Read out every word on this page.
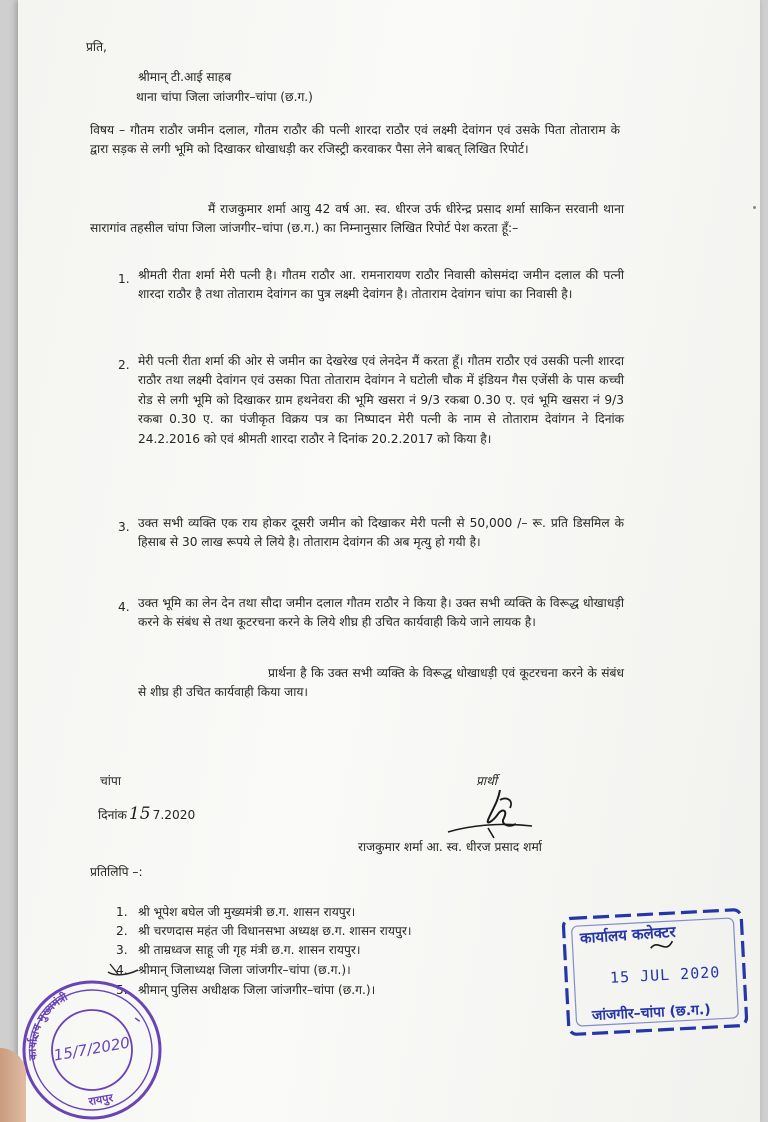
प्रति,
श्रीमान् टी.आई साहब
थाना चांपा जिला जांजगीर–चांपा (छ.ग.)
विषय – गौतम राठौर जमीन दलाल, गौतम राठौर की पत्नी शारदा राठौर एवं लक्ष्मी देवांगन एवं उसके पिता तोताराम के द्वारा सड़क से लगी भूमि को दिखाकर धोखाधड़ी कर रजिस्ट्री करवाकर पैसा लेने बाबत् लिखित रिपोर्ट।
मैं राजकुमार शर्मा आयु 42 वर्ष आ. स्व. धीरज उर्फ धीरेन्द्र प्रसाद शर्मा साकिन सरवानी थाना सारागांव तहसील चांपा जिला जांजगीर–चांपा (छ.ग.) का निम्नानुसार लिखित रिपोर्ट पेश करता हूँ:–
1. श्रीमती रीता शर्मा मेरी पत्नी है। गौतम राठौर आ. रामनारायण राठौर निवासी कोसमंदा जमीन दलाल की पत्नी शारदा राठौर है तथा तोताराम देवांगन का पुत्र लक्ष्मी देवांगन है। तोताराम देवांगन चांपा का निवासी है।
2. मेरी पत्नी रीता शर्मा की ओर से जमीन का देखरेख एवं लेनदेन मैं करता हूँ। गौतम राठौर एवं उसकी पत्नी शारदा राठौर तथा लक्ष्मी देवांगन एवं उसका पिता तोताराम देवांगन ने घटोली चौक में इंडियन गैस एजेंसी के पास कच्ची रोड से लगी भूमि को दिखाकर ग्राम हथनेवरा की भूमि खसरा नं 9/3 रकबा 0.30 ए. एवं भूमि खसरा नं 9/3 रकबा 0.30 ए. का पंजीकृत विक्रय पत्र का निष्पादन मेरी पत्नी के नाम से तोताराम देवांगन ने दिनांक 24.2.2016 को एवं श्रीमती शारदा राठौर ने दिनांक 20.2.2017 को किया है।
3. उक्त सभी व्यक्ति एक राय होकर दूसरी जमीन को दिखाकर मेरी पत्नी से 50,000 /– रू. प्रति डिसमिल के हिसाब से 30 लाख रूपये ले लिये है। तोताराम देवांगन की अब मृत्यु हो गयी है।
4. उक्त भूमि का लेन देन तथा सौदा जमीन दलाल गौतम राठौर ने किया है। उक्त सभी व्यक्ति के विरूद्ध धोखाधड़ी करने के संबंध से तथा कूटरचना करने के लिये शीघ्र ही उचित कार्यवाही किये जाने लायक है।
प्रार्थना है कि उक्त सभी व्यक्ति के विरूद्ध धोखाधड़ी एवं कूटरचना करने के संबंध से शीघ्र ही उचित कार्यवाही किया जाय।
चांपा
दिनांक 15 7.2020
प्रार्थी
राजकुमार शर्मा आ. स्व. धीरज प्रसाद शर्मा
प्रतिलिपि –:
1. श्री भूपेश बघेल जी मुख्यमंत्री छ.ग. शासन रायपुर।
2. श्री चरणदास महंत जी विधानसभा अध्यक्ष छ.ग. शासन रायपुर।
3. श्री ताम्रध्वज साहू जी गृह मंत्री छ.ग. शासन रायपुर।
4. श्रीमान् जिलाध्यक्ष जिला जांजगीर–चांपा (छ.ग.)।
5. श्रीमान् पुलिस अधीक्षक जिला जांजगीर–चांपा (छ.ग.)।
कार्यालय कलेक्टर
15 JUL 2020
जांजगीर–चांपा (छ.ग.)
कार्यालय मुख्यमंत्री
15/7/2020
रायपुर
